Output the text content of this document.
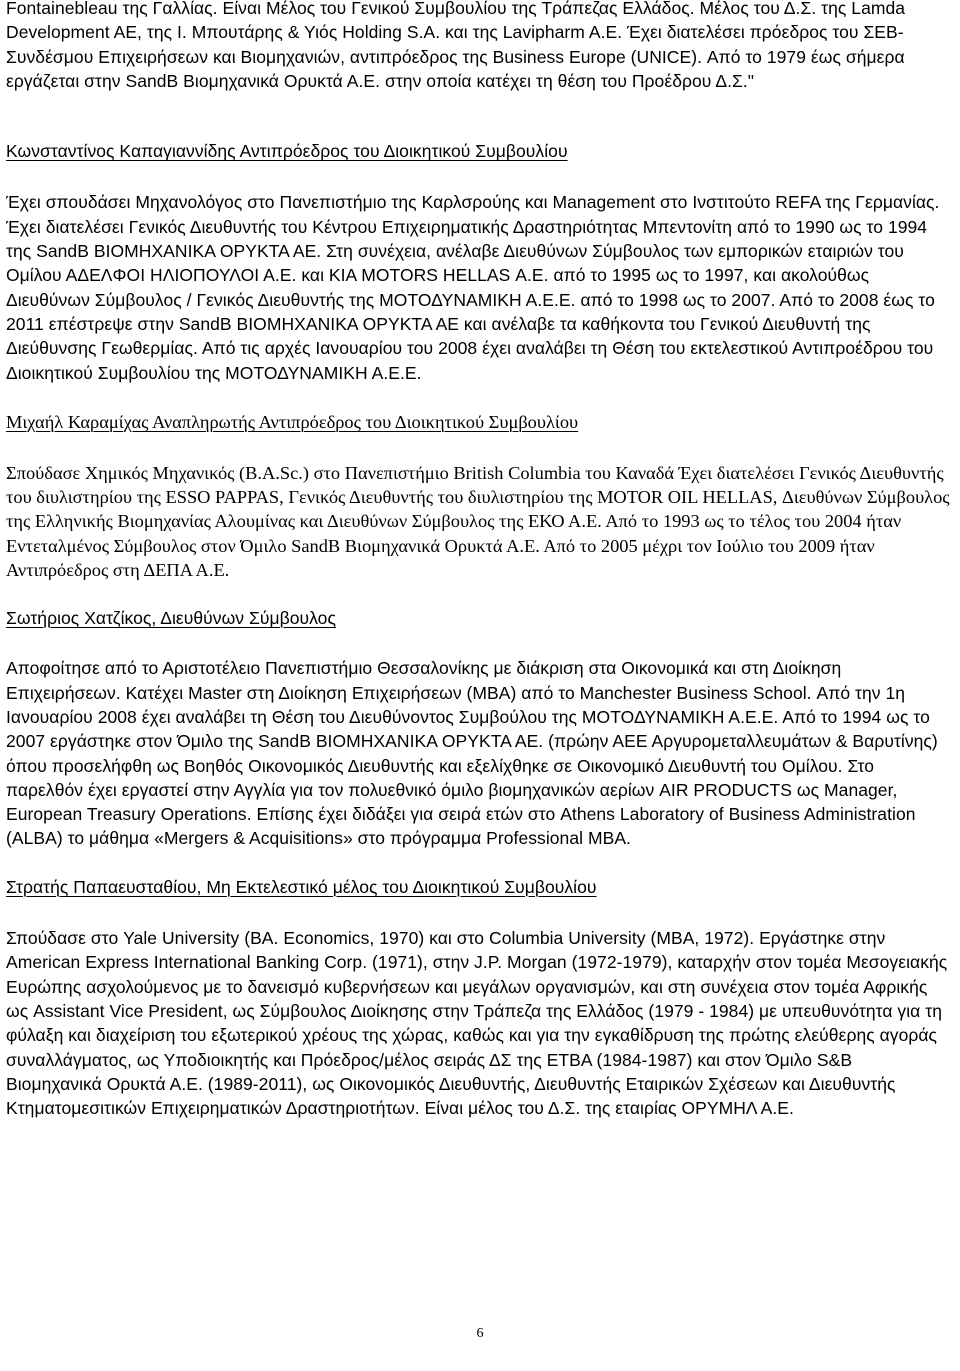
Fontainebleau της Γαλλίας. Είναι Μέλος του Γενικού Συμβουλίου της Τράπεζας Ελλάδος. Μέλος του Δ.Σ. της Lamda Development AE, της Ι. Μπουτάρης & Υιός Holding S.A. και της Lavipharm A.E. Έχει διατελέσει πρόεδρος του ΣΕΒ-Συνδέσμου Επιχειρήσεων και Βιομηχανιών, αντιπρόεδρος της Business Europe (UNICE). Από το 1979 έως σήμερα εργάζεται στην SandB Βιομηχανικά Ορυκτά Α.Ε. στην οποία κατέχει τη θέση του Προέδρου Δ.Σ."

Κωνσταντίνος Καπαγιαννίδης Αντιπρόεδρος του Διοικητικού Συμβουλίου

Έχει σπουδάσει Μηχανολόγος στο Πανεπιστήμιο της Καρλσρούης και Management στο Ινστιτούτο REFA της Γερμανίας. Έχει διατελέσει Γενικός Διευθυντής του Κέντρου Επιχειρηματικής Δραστηριότητας Μπεντονίτη από το 1990 ως το 1994 της SandB ΒΙΟΜΗΧΑΝΙΚΑ ΟΡΥΚΤΑ ΑΕ. Στη συνέχεια, ανέλαβε Διευθύνων Σύμβουλος των εμπορικών εταιριών του Ομίλου ΑΔΕΛΦΟΙ ΗΛΙΟΠΟΥΛΟΙ Α.Ε. και KIA MOTORS HELLAS Α.Ε. από το 1995 ως το 1997, και ακολούθως Διευθύνων Σύμβουλος / Γενικός Διευθυντής της ΜΟΤΟΔΥΝΑΜΙΚΗ Α.Ε.Ε. από το 1998 ως το 2007. Από το 2008 έως το 2011 επέστρεψε στην SandB ΒΙΟΜΗΧΑΝΙΚΑ ΟΡΥΚΤΑ ΑΕ και ανέλαβε τα καθήκοντα του Γενικού Διευθυντή της Διεύθυνσης Γεωθερμίας. Από τις αρχές Ιανουαρίου του 2008 έχει αναλάβει τη Θέση του εκτελεστικού Αντιπροέδρου του Διοικητικού Συμβουλίου της ΜΟΤΟΔΥΝΑΜΙΚΗ Α.Ε.Ε.

Μιχαήλ Καραμίχας Αναπληρωτής Αντιπρόεδρος του Διοικητικού Συμβουλίου

Σπούδασε Χημικός Μηχανικός (B.A.Sc.) στο Πανεπιστήμιο British Columbia του Καναδά Έχει διατελέσει Γενικός Διευθυντής του διυλιστηρίου της ESSO PAPPAS, Γενικός Διευθυντής του διυλιστηρίου της MOTOR OIL HELLAS, Διευθύνων Σύμβουλος της Ελληνικής Βιομηχανίας Αλουμίνας και Διευθύνων Σύμβουλος της ΕΚΟ Α.Ε. Από το 1993 ως το τέλος του 2004 ήταν Εντεταλμένος Σύμβουλος στον Όμιλο SandB Βιομηχανικά Ορυκτά Α.Ε. Από το 2005 μέχρι τον Ιούλιο του 2009 ήταν Αντιπρόεδρος στη ΔΕΠΑ Α.Ε.

Σωτήριος Χατζίκος, Διευθύνων Σύμβουλος

Αποφοίτησε από το Αριστοτέλειο Πανεπιστήμιο Θεσσαλονίκης με διάκριση στα Οικονομικά και στη Διοίκηση Επιχειρήσεων. Κατέχει Master στη Διοίκηση Επιχειρήσεων (MBA) από το Manchester Business School. Από την 1η Ιανουαρίου 2008 έχει αναλάβει τη Θέση του Διευθύνοντος Συμβούλου της ΜΟΤΟΔΥΝΑΜΙΚΗ Α.Ε.Ε. Από το 1994 ως το 2007 εργάστηκε στον Όμιλο της SandB ΒΙΟΜΗΧΑΝΙΚΑ ΟΡΥΚΤΑ ΑΕ. (πρώην ΑΕΕ Αργυρομεταλλευμάτων & Βαρυτίνης) όπου προσελήφθη ως Βοηθός Οικονομικός Διευθυντής και εξελίχθηκε σε Οικονομικό Διευθυντή του Ομίλου. Στο παρελθόν έχει εργαστεί στην Αγγλία για τον πολυεθνικό όμιλο βιομηχανικών αερίων AIR PRODUCTS ως Manager, European Treasury Operations. Επίσης έχει διδάξει για σειρά ετών στο Athens Laboratory of Business Administration (ALBA) το μάθημα «Mergers & Acquisitions» στο πρόγραμμα Professional MBA.

Στρατής Παπαευσταθίου, Μη Εκτελεστικό μέλος του Διοικητικού Συμβουλίου

Σπούδασε στο Yale University (BA. Economics, 1970) και στο Columbia University (MBA, 1972). Εργάστηκε στην American Express International Banking Corp. (1971), στην J.P. Morgan (1972-1979), καταρχήν στον τομέα Μεσογειακής Ευρώπης ασχολούμενος με το δανεισμό κυβερνήσεων και μεγάλων οργανισμών, και στη συνέχεια στον τομέα Αφρικής ως Assistant Vice President, ως Σύμβουλος Διοίκησης στην Τράπεζα της Ελλάδος (1979 - 1984) με υπευθυνότητα για τη φύλαξη και διαχείριση του εξωτερικού χρέους της χώρας, καθώς και για την εγκαθίδρυση της πρώτης ελεύθερης αγοράς συναλλάγματος, ως Υποδιοικητής και Πρόεδρος/μέλος σειράς ΔΣ της ΕΤΒΑ (1984-1987) και στον Όμιλο S&B Βιομηχανικά Ορυκτά Α.Ε. (1989-2011), ως Οικονομικός Διευθυντής, Διευθυντής Εταιρικών Σχέσεων και Διευθυντής Κτηματομεσιτικών Επιχειρηματικών Δραστηριοτήτων. Είναι μέλος του Δ.Σ. της εταιρίας ΟΡΥΜΗΛ Α.Ε.

6
